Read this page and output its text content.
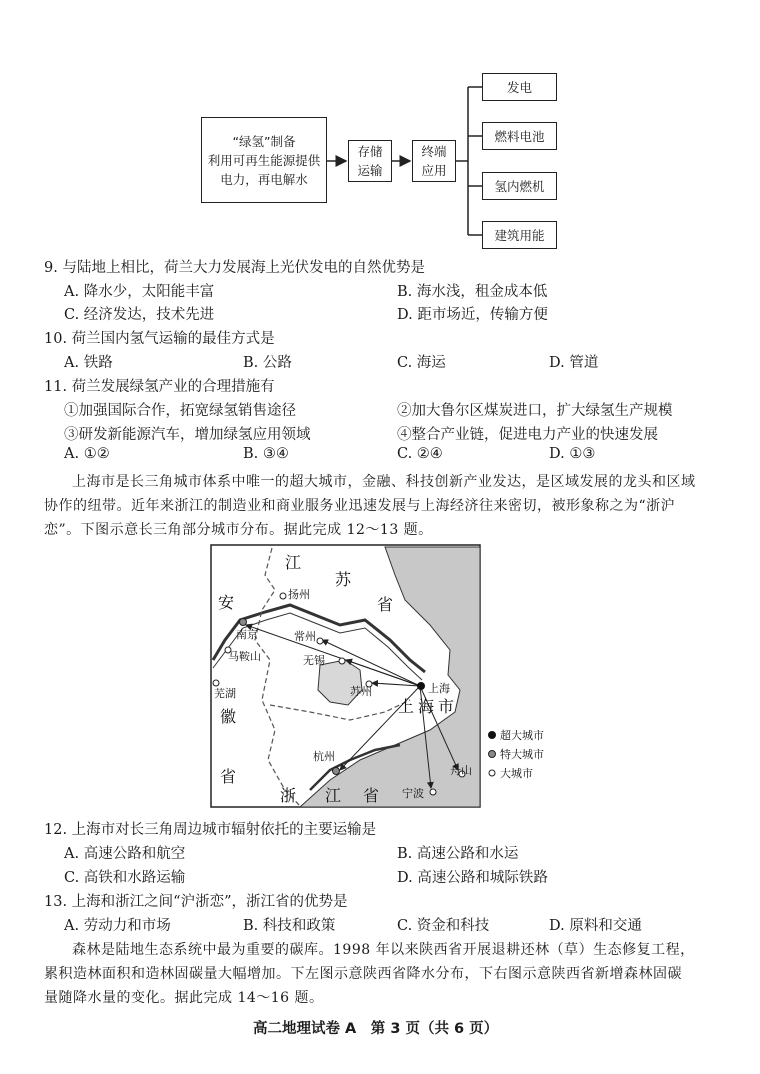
“绿氢”制备
利用可再生能源提供
电力，再电解水
存储
运输
终端
应用
发电
燃料电池
氢内燃机
建筑用能
9. 与陆地上相比，荷兰大力发展海上光伏发电的自然优势是
A. 降水少，太阳能丰富	B. 海水浅，租金成本低
C. 经济发达，技术先进	D. 距市场近，传输方便
10. 荷兰国内氢气运输的最佳方式是
A. 铁路	B. 公路	C. 海运	D. 管道
11. 荷兰发展绿氢产业的合理措施有
①加强国际合作，拓宽绿氢销售途径	②加大鲁尔区煤炭进口，扩大绿氢生产规模
③研发新能源汽车，增加绿氢应用领域	④整合产业链，促进电力产业的快速发展
A. ①②	B. ③④	C. ②④	D. ①③
上海市是长三角城市体系中唯一的超大城市，金融、科技创新产业发达，是区域发展的龙头和区域
协作的纽带。近年来浙江的制造业和商业服务业迅速发展与上海经济往来密切，被形象称之为“浙沪
恋”。下图示意长三角部分城市分布。据此完成 12～13 题。
上海
南京
扬州
常州
无锡
苏州
马鞍山
芜湖
杭州
宁波
舟山
江
苏
省
安
徽
省
浙 江 省
上 海 市
超大城市
特大城市
大城市
12. 上海市对长三角周边城市辐射依托的主要运输是
A. 高速公路和航空	B. 高速公路和水运
C. 高铁和水路运输	D. 高速公路和城际铁路
13. 上海和浙江之间“沪浙恋”，浙江省的优势是
A. 劳动力和市场	B. 科技和政策	C. 资金和科技	D. 原料和交通
森林是陆地生态系统中最为重要的碳库。1998 年以来陕西省开展退耕还林（草）生态修复工程，
累积造林面积和造林固碳量大幅增加。下左图示意陕西省降水分布，下右图示意陕西省新增森林固碳
量随降水量的变化。据此完成 14～16 题。
高二地理试卷 A　第 3 页（共 6 页）
